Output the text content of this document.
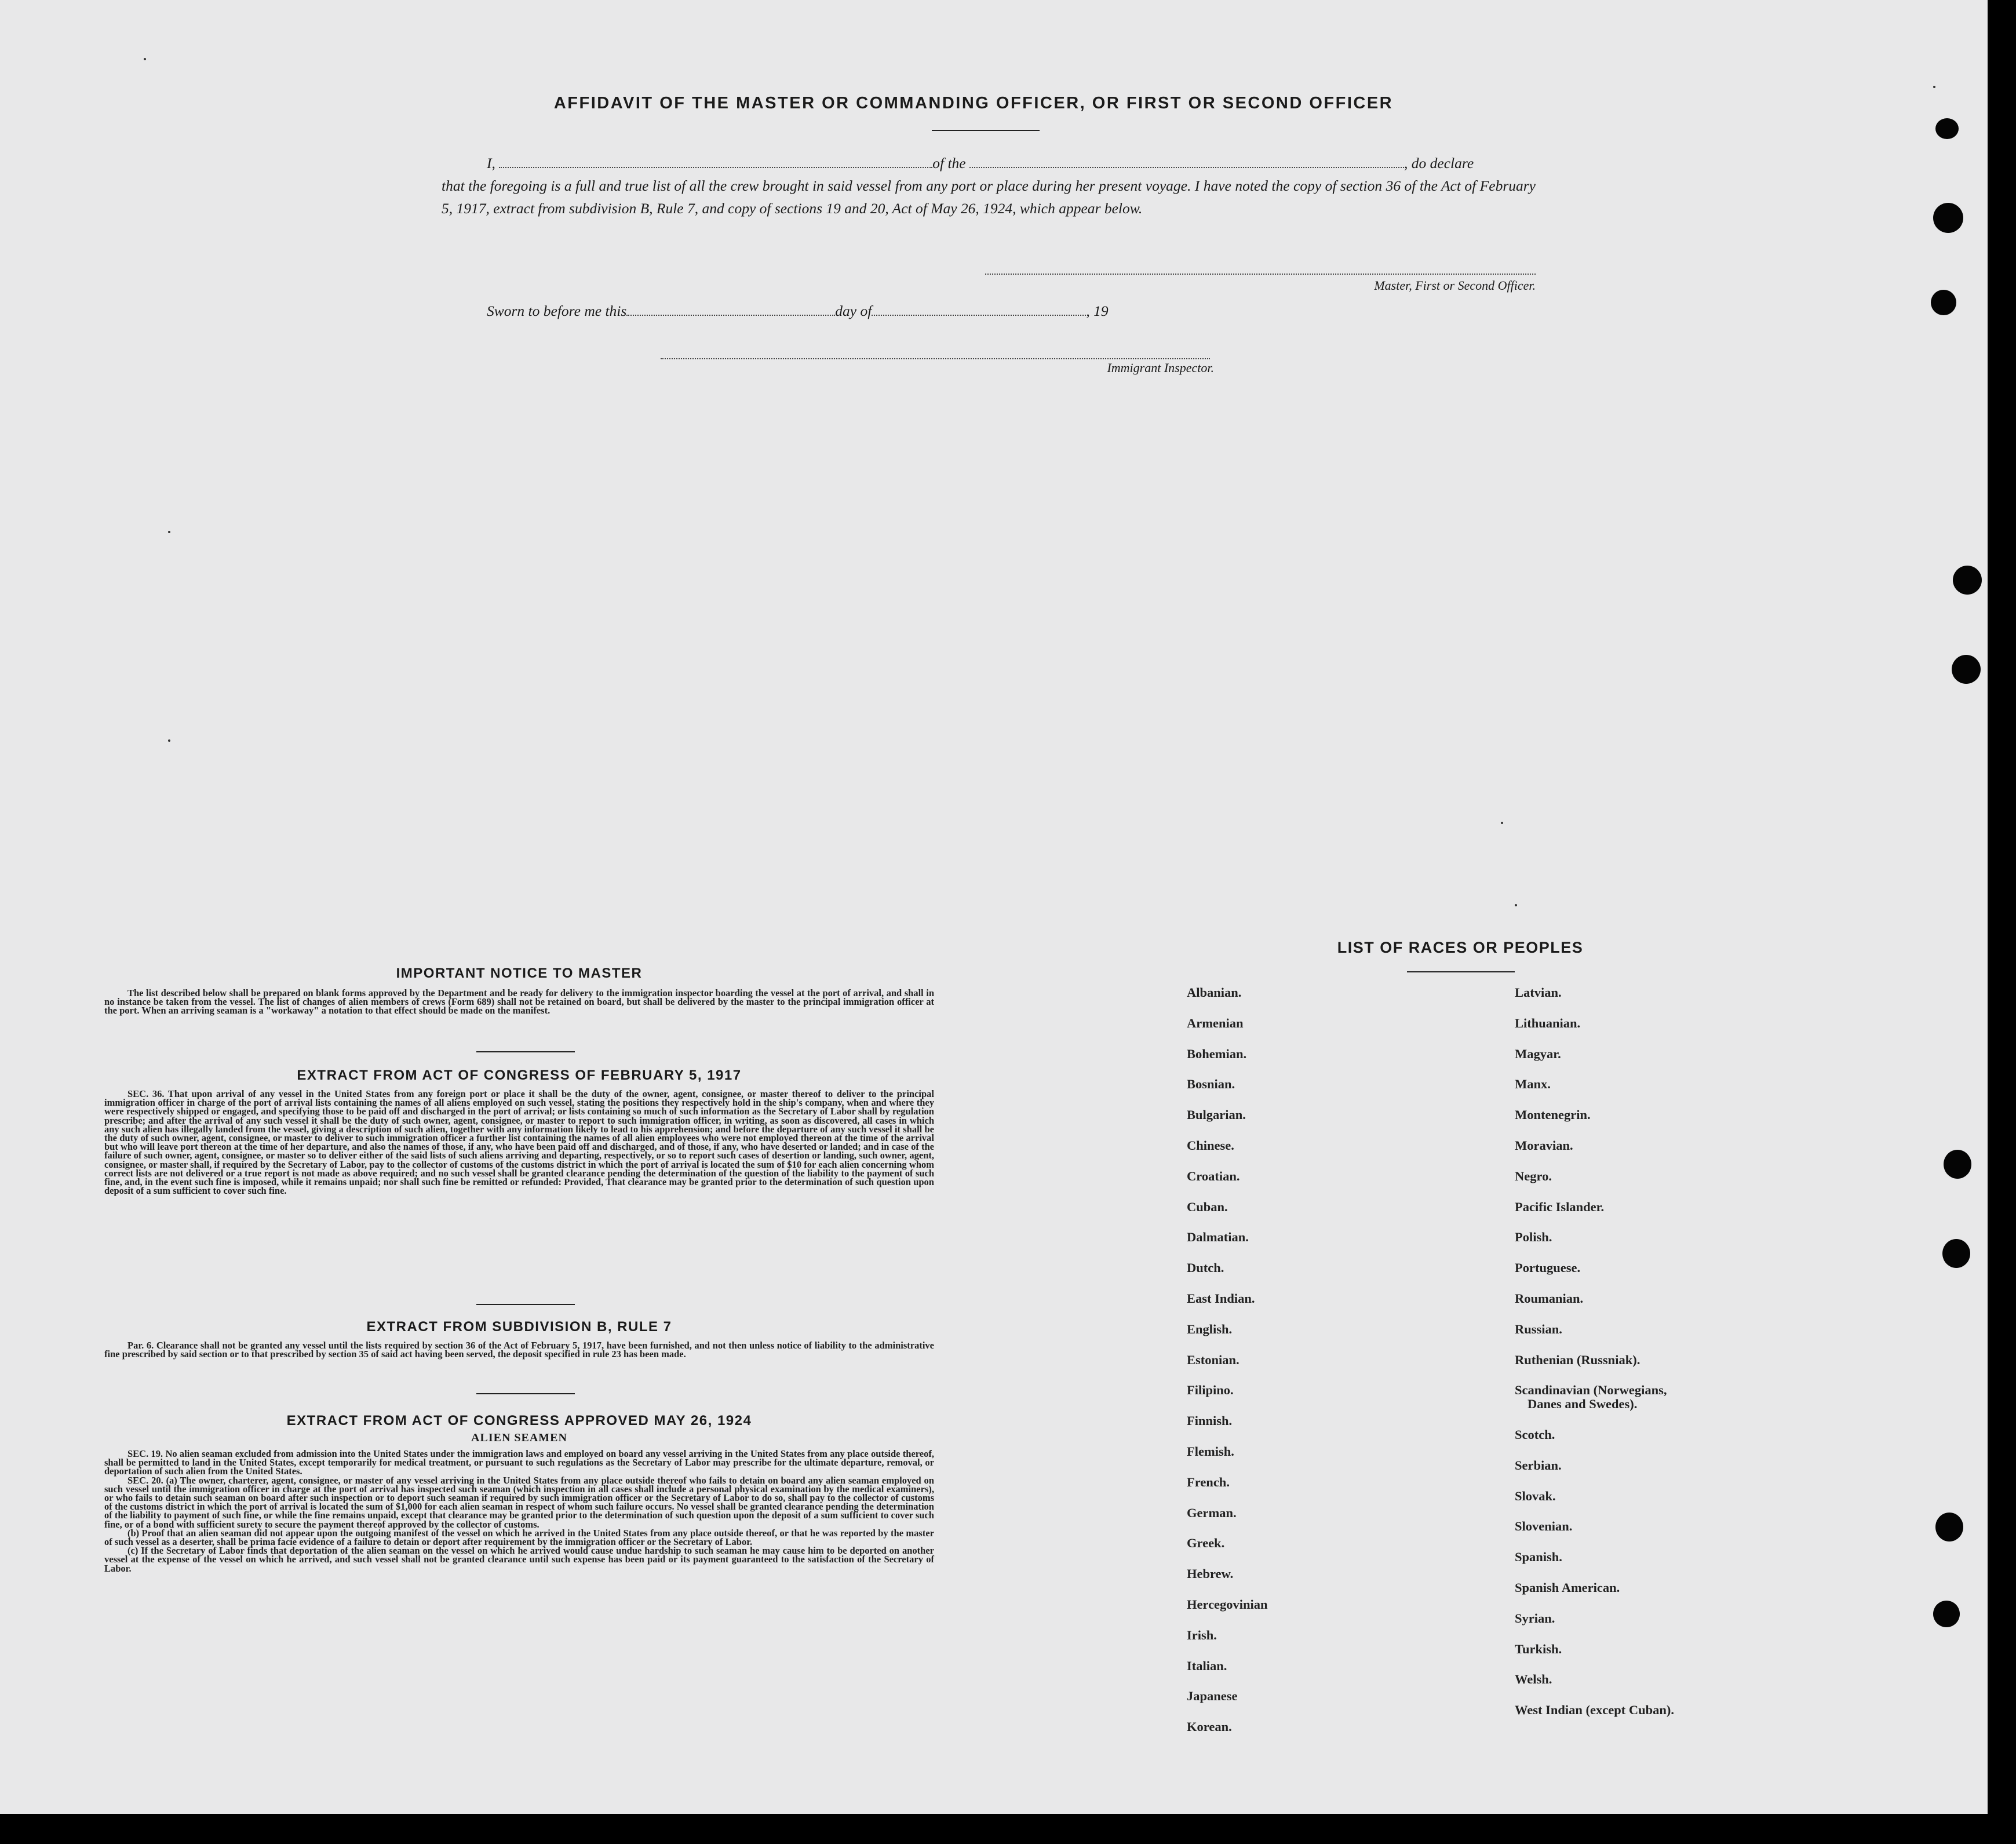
AFFIDAVIT OF THE MASTER OR COMMANDING OFFICER, OR FIRST OR SECOND OFFICER
I,	of the	, do declare
that the foregoing is a full and true list of all the crew brought in said vessel from any port or place during her present voyage. I have noted the copy of section 36 of the Act of February 5, 1917, extract from subdivision B, Rule 7, and copy of sections 19 and 20, Act of May 26, 1924, which appear below.
Master, First or Second Officer.
Sworn to before me this	day of	, 19
Immigrant Inspector.
IMPORTANT NOTICE TO MASTER
The list described below shall be prepared on blank forms approved by the Department and be ready for delivery to the immigration inspector boarding the vessel at the port of arrival, and shall in no instance be taken from the vessel. The list of changes of alien members of crews (Form 689) shall not be retained on board, but shall be delivered by the master to the principal immigration officer at the port. When an arriving seaman is a "workaway" a notation to that effect should be made on the manifest.
EXTRACT FROM ACT OF CONGRESS OF FEBRUARY 5, 1917
SEC. 36. That upon arrival of any vessel in the United States from any foreign port or place it shall be the duty of the owner, agent, consignee, or master thereof to deliver to the principal immigration officer in charge of the port of arrival lists containing the names of all aliens employed on such vessel, stating the positions they respectively hold in the ship's company, when and where they were respectively shipped or engaged, and specifying those to be paid off and discharged in the port of arrival; or lists containing so much of such information as the Secretary of Labor shall by regulation prescribe; and after the arrival of any such vessel it shall be the duty of such owner, agent, consignee, or master to report to such immigration officer, in writing, as soon as discovered, all cases in which any such alien has illegally landed from the vessel, giving a description of such alien, together with any information likely to lead to his apprehension; and before the departure of any such vessel it shall be the duty of such owner, agent, consignee, or master to deliver to such immigration officer a further list containing the names of all alien employees who were not employed thereon at the time of the arrival but who will leave port thereon at the time of her departure, and also the names of those, if any, who have been paid off and discharged, and of those, if any, who have deserted or landed; and in case of the failure of such owner, agent, consignee, or master so to deliver either of the said lists of such aliens arriving and departing, respectively, or so to report such cases of desertion or landing, such owner, agent, consignee, or master shall, if required by the Secretary of Labor, pay to the collector of customs of the customs district in which the port of arrival is located the sum of $10 for each alien concerning whom correct lists are not delivered or a true report is not made as above required; and no such vessel shall be granted clearance pending the determination of the question of the liability to the payment of such fine, and, in the event such fine is imposed, while it remains unpaid; nor shall such fine be remitted or refunded: Provided, That clearance may be granted prior to the determination of such question upon deposit of a sum sufficient to cover such fine.
EXTRACT FROM SUBDIVISION B, RULE 7
Par. 6. Clearance shall not be granted any vessel until the lists required by section 36 of the Act of February 5, 1917, have been furnished, and not then unless notice of liability to the administrative fine prescribed by said section or to that prescribed by section 35 of said act having been served, the deposit specified in rule 23 has been made.
EXTRACT FROM ACT OF CONGRESS APPROVED MAY 26, 1924
ALIEN SEAMEN
SEC. 19. No alien seaman excluded from admission into the United States under the immigration laws and employed on board any vessel arriving in the United States from any place outside thereof, shall be permitted to land in the United States, except temporarily for medical treatment, or pursuant to such regulations as the Secretary of Labor may prescribe for the ultimate departure, removal, or deportation of such alien from the United States.
SEC. 20. (a) The owner, charterer, agent, consignee, or master of any vessel arriving in the United States from any place outside thereof who fails to detain on board any alien seaman employed on such vessel until the immigration officer in charge at the port of arrival has inspected such seaman (which inspection in all cases shall include a personal physical examination by the medical examiners), or who fails to detain such seaman on board after such inspection or to deport such seaman if required by such immigration officer or the Secretary of Labor to do so, shall pay to the collector of customs of the customs district in which the port of arrival is located the sum of $1,000 for each alien seaman in respect of whom such failure occurs. No vessel shall be granted clearance pending the determination of the liability to payment of such fine, or while the fine remains unpaid, except that clearance may be granted prior to the determination of such question upon the deposit of a sum sufficient to cover such fine, or of a bond with sufficient surety to secure the payment thereof approved by the collector of customs.
(b) Proof that an alien seaman did not appear upon the outgoing manifest of the vessel on which he arrived in the United States from any place outside thereof, or that he was reported by the master of such vessel as a deserter, shall be prima facie evidence of a failure to detain or deport after requirement by the immigration officer or the Secretary of Labor.
(c) If the Secretary of Labor finds that deportation of the alien seaman on the vessel on which he arrived would cause undue hardship to such seaman he may cause him to be deported on another vessel at the expense of the vessel on which he arrived, and such vessel shall not be granted clearance until such expense has been paid or its payment guaranteed to the satisfaction of the Secretary of Labor.
LIST OF RACES OR PEOPLES
Albanian.
Armenian
Bohemian.
Bosnian.
Bulgarian.
Chinese.
Croatian.
Cuban.
Dalmatian.
Dutch.
East Indian.
English.
Estonian.
Filipino.
Finnish.
Flemish.
French.
German.
Greek.
Hebrew.
Hercegovinian
Irish.
Italian.
Japanese
Korean.
Latvian.
Lithuanian.
Magyar.
Manx.
Montenegrin.
Moravian.
Negro.
Pacific Islander.
Polish.
Portuguese.
Roumanian.
Russian.
Ruthenian (Russniak).
Scandinavian (Norwegians,
Danes and Swedes).
Scotch.
Serbian.
Slovak.
Slovenian.
Spanish.
Spanish American.
Syrian.
Turkish.
Welsh.
West Indian (except Cuban).
